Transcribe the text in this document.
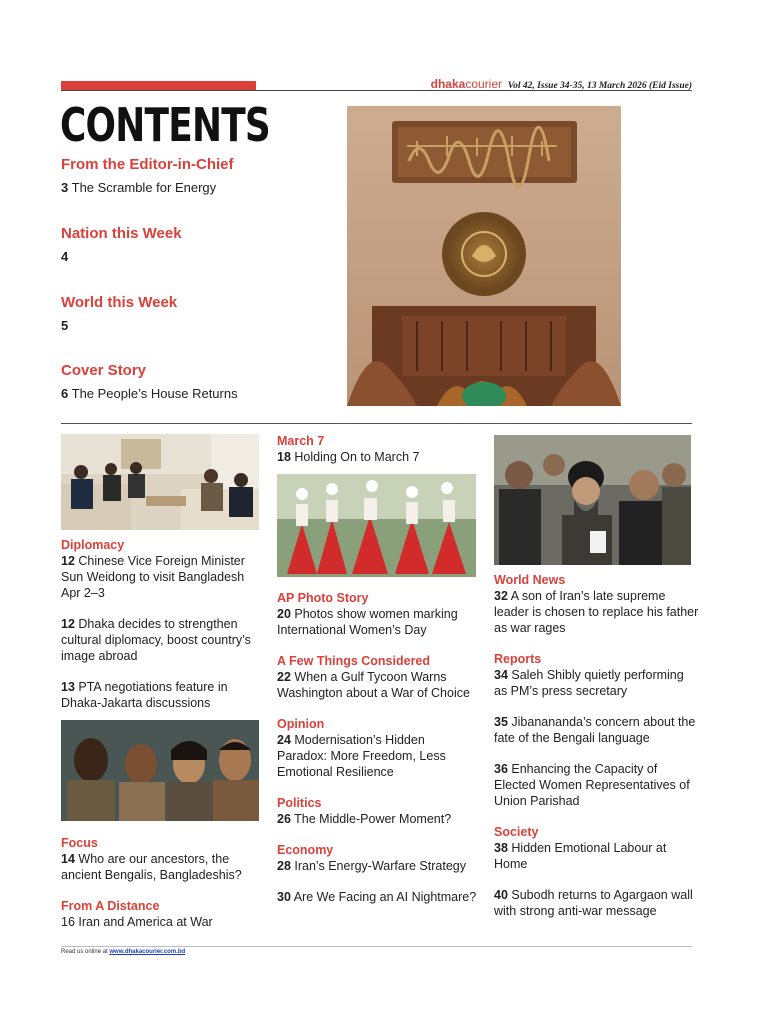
dhakacourier Vol 42, Issue 34-35, 13 March 2026 (Eid Issue)
CONTENTS
From the Editor-in-Chief
3 The Scramble for Energy
Nation this Week
4
World this Week
5
Cover Story
6 The People’s House Returns
Diplomacy
12 Chinese Vice Foreign Minister Sun Weidong to visit Bangladesh Apr 2–3
12 Dhaka decides to strengthen cultural diplomacy, boost country’s image abroad
13 PTA negotiations feature in Dhaka-Jakarta discussions
Focus
14 Who are our ancestors, the ancient Bengalis, Bangladeshis?
From A Distance
16 Iran and America at War
March 7
18 Holding On to March 7
AP Photo Story
20 Photos show women marking International Women’s Day
A Few Things Considered
22 When a Gulf Tycoon Warns Washington about a War of Choice
Opinion
24 Modernisation’s Hidden Paradox: More Freedom, Less Emotional Resilience
Politics
26 The Middle-Power Moment?
Economy
28 Iran’s Energy-Warfare Strategy
30 Are We Facing an AI Nightmare?
World News
32 A son of Iran’s late supreme leader is chosen to replace his father as war rages
Reports
34 Saleh Shibly quietly performing as PM’s press secretary
35 Jibanananda’s concern about the fate of the Bengali language
36 Enhancing the Capacity of Elected Women Representatives of Union Parishad
Society
38 Hidden Emotional Labour at Home
40 Subodh returns to Agargaon wall with strong anti-war message
Read us online at www.dhakacourier.com.bd
